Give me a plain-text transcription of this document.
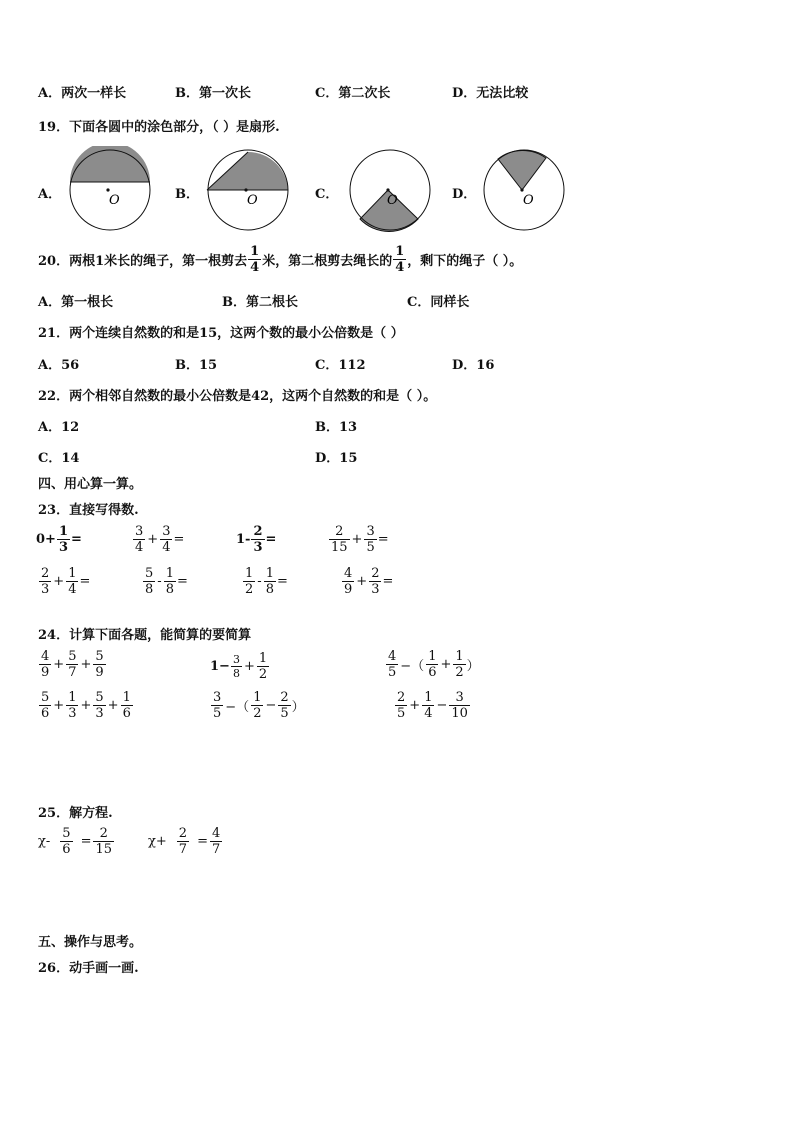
A．两次一样长	B．第一次长	C．第二次长	D．无法比较
19．下面各圆中的涂色部分，（ ）是扇形.
A．	B．	C．	D．
O	O	O	O
20．两根1米长的绳子，第一根剪去 $\frac{1}{4}$ 米，第二根剪去绳长的 $\frac{1}{4}$ ，剩下的绳子（ ）。
A．第一根长	B．第二根长	C．同样长
21．两个连续自然数的和是15，这两个数的最小公倍数是（ ）
A．56	B．15	C．112	D．16
22．两个相邻自然数的最小公倍数是42，这两个自然数的和是（ ）。
A．12	B．13
C．14	D．15
四、用心算一算。
23．直接写得数.
$0+ \frac{1}{3}$ =	$\frac{3}{4} + \frac{3}{4}$ =	$1- \frac{2}{3}$ =	$\frac{2}{15} + \frac{3}{5}$ =
$\frac{2}{3} + \frac{1}{4}$ =	$\frac{5}{8} - \frac{1}{8}$ =	$\frac{1}{2} - \frac{1}{8}$ =	$\frac{4}{9} + \frac{2}{3}$ =
24．计算下面各题，能简算的要简算
$\frac{4}{9} + \frac{5}{7} + \frac{5}{9}$	$1- \frac{3}{8} + \frac{1}{2}$	$\frac{4}{5}$ −（ $\frac{1}{6} + \frac{1}{2}$ ）
$\frac{5}{6} + \frac{1}{3} + \frac{5}{3} + \frac{1}{6}$	$\frac{3}{5}$ −（ $\frac{1}{2} - \frac{2}{5}$ ）	$\frac{2}{5} + \frac{1}{4} - \frac{3}{10}$
25．解方程.
$\chi- \frac{5}{6} = \frac{2}{15}$	$\chi+ \frac{2}{7} = \frac{4}{7}$
五、操作与思考。
26．动手画一画.
